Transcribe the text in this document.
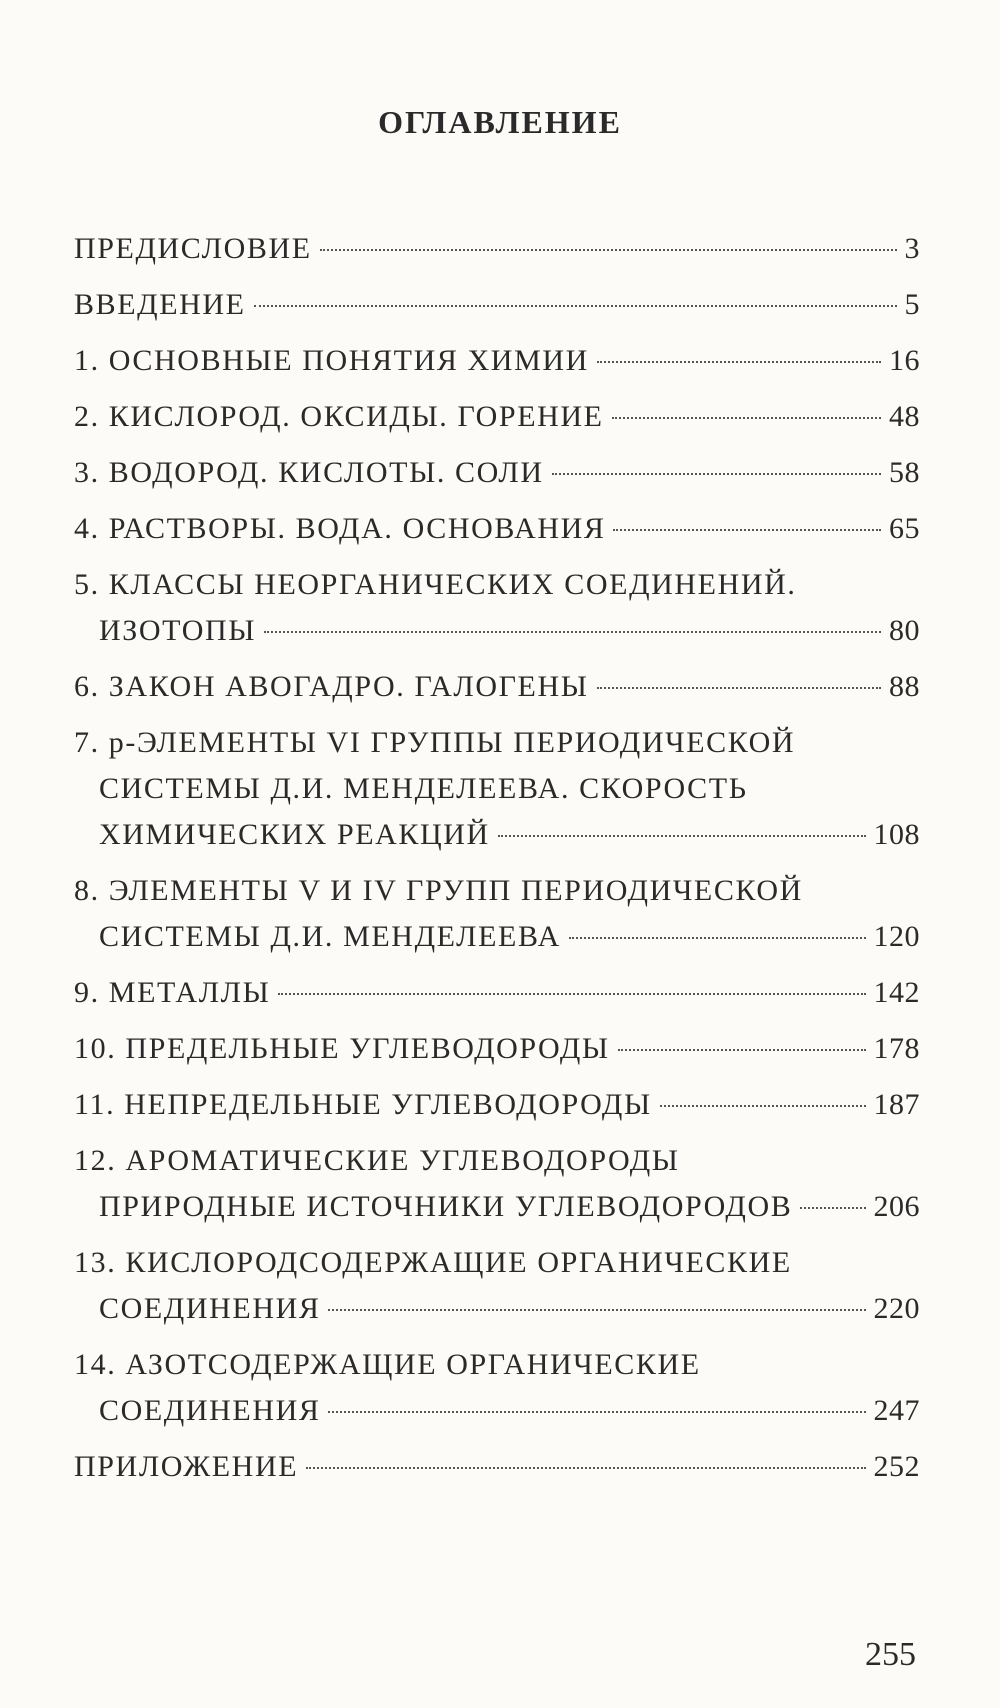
ОГЛАВЛЕНИЕ
ПРЕДИСЛОВИЕ	3
ВВЕДЕНИЕ	5
1. ОСНОВНЫЕ ПОНЯТИЯ ХИМИИ	16
2. КИСЛОРОД. ОКСИДЫ. ГОРЕНИЕ	48
3. ВОДОРОД. КИСЛОТЫ. СОЛИ	58
4. РАСТВОРЫ. ВОДА. ОСНОВАНИЯ	65
5. КЛАССЫ НЕОРГАНИЧЕСКИХ СОЕДИНЕНИЙ.
ИЗОТОПЫ	80
6. ЗАКОН АВОГАДРО. ГАЛОГЕНЫ	88
7. р-ЭЛЕМЕНТЫ VI ГРУППЫ ПЕРИОДИЧЕСКОЙ
СИСТЕМЫ Д.И. МЕНДЕЛЕЕВА. СКОРОСТЬ
ХИМИЧЕСКИХ РЕАКЦИЙ	108
8. ЭЛЕМЕНТЫ V И IV ГРУПП ПЕРИОДИЧЕСКОЙ
СИСТЕМЫ Д.И. МЕНДЕЛЕЕВА	120
9. МЕТАЛЛЫ	142
10. ПРЕДЕЛЬНЫЕ УГЛЕВОДОРОДЫ	178
11. НЕПРЕДЕЛЬНЫЕ УГЛЕВОДОРОДЫ	187
12. АРОМАТИЧЕСКИЕ УГЛЕВОДОРОДЫ
ПРИРОДНЫЕ ИСТОЧНИКИ УГЛЕВОДОРОДОВ	206
13. КИСЛОРОДСОДЕРЖАЩИЕ ОРГАНИЧЕСКИЕ
СОЕДИНЕНИЯ	220
14. АЗОТСОДЕРЖАЩИЕ ОРГАНИЧЕСКИЕ
СОЕДИНЕНИЯ	247
ПРИЛОЖЕНИЕ	252
255
